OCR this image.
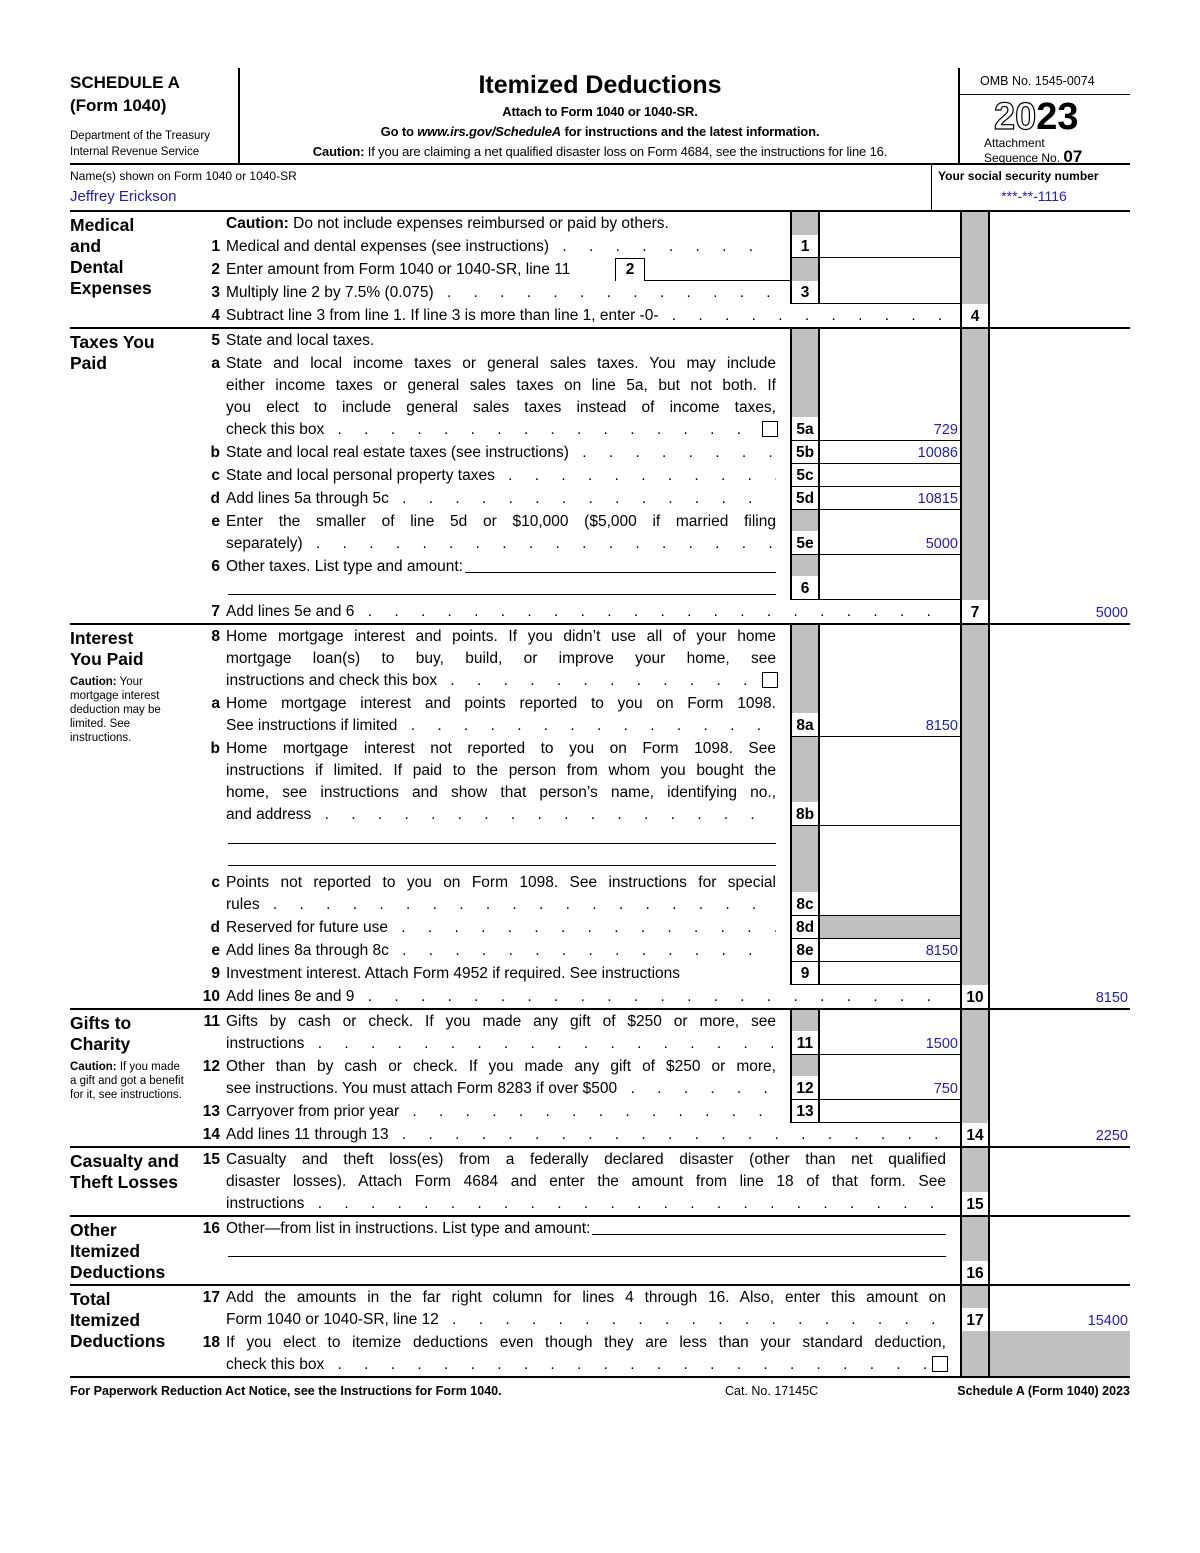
SCHEDULE A
(Form 1040)
Department of the Treasury
Internal Revenue Service
Itemized Deductions
Attach to Form 1040 or 1040-SR.
Go to www.irs.gov/ScheduleA for instructions and the latest information.
Caution: If you are claiming a net qualified disaster loss on Form 4684, see the instructions for line 16.
OMB No. 1545-0074
2023
Attachment
Sequence No. 07
Name(s) shown on Form 1040 or 1040-SR
Jeffrey Erickson
Your social security number
***-**-1116
Medical
and
Dental
Expenses
Caution: Do not include expenses reimbursed or paid by others.
1 Medical and dental expenses (see instructions) . . .	1
2 Enter amount from Form 1040 or 1040-SR, line 11	2
3 Multiply line 2 by 7.5% (0.075) . . .	3
4 Subtract line 3 from line 1. If line 3 is more than line 1, enter -0- . . .	4
Taxes You
Paid
5 State and local taxes.
a State and local income taxes or general sales taxes. You may include
either income taxes or general sales taxes on line 5a, but not both. If
you elect to include general sales taxes instead of income taxes,
check this box . . .	5a	729
b State and local real estate taxes (see instructions) . . .	5b	10086
c State and local personal property taxes . . .	5c
d Add lines 5a through 5c . . .	5d	10815
e Enter the smaller of line 5d or $10,000 ($5,000 if married filing
separately) . . .	5e	5000
6 Other taxes. List type and amount:
6
7 Add lines 5e and 6 . . .	7	5000
Interest
You Paid
Caution: Your mortgage interest deduction may be limited. See instructions.
8 Home mortgage interest and points. If you didn’t use all of your home
mortgage loan(s) to buy, build, or improve your home, see
instructions and check this box . . .
a Home mortgage interest and points reported to you on Form 1098.
See instructions if limited . . .	8a	8150
b Home mortgage interest not reported to you on Form 1098. See
instructions if limited. If paid to the person from whom you bought the
home, see instructions and show that person’s name, identifying no.,
and address . . .	8b
c Points not reported to you on Form 1098. See instructions for special
rules . . .	8c
d Reserved for future use . . .	8d
e Add lines 8a through 8c . . .	8e	8150
9 Investment interest. Attach Form 4952 if required. See instructions	9
10 Add lines 8e and 9 . . .	10	8150
Gifts to
Charity
Caution: If you made a gift and got a benefit for it, see instructions.
11 Gifts by cash or check. If you made any gift of $250 or more, see
instructions . . .	11	1500
12 Other than by cash or check. If you made any gift of $250 or more,
see instructions. You must attach Form 8283 if over $500 . . .	12	750
13 Carryover from prior year . . .	13
14 Add lines 11 through 13 . . .	14	2250
Casualty and
Theft Losses
15 Casualty and theft loss(es) from a federally declared disaster (other than net qualified
disaster losses). Attach Form 4684 and enter the amount from line 18 of that form. See
instructions . . .	15
Other
Itemized
Deductions
16 Other—from list in instructions. List type and amount:
16
Total
Itemized
Deductions
17 Add the amounts in the far right column for lines 4 through 16. Also, enter this amount on
Form 1040 or 1040-SR, line 12 . . .	17	15400
18 If you elect to itemize deductions even though they are less than your standard deduction,
check this box . . .
For Paperwork Reduction Act Notice, see the Instructions for Form 1040.	Cat. No. 17145C	Schedule A (Form 1040) 2023
